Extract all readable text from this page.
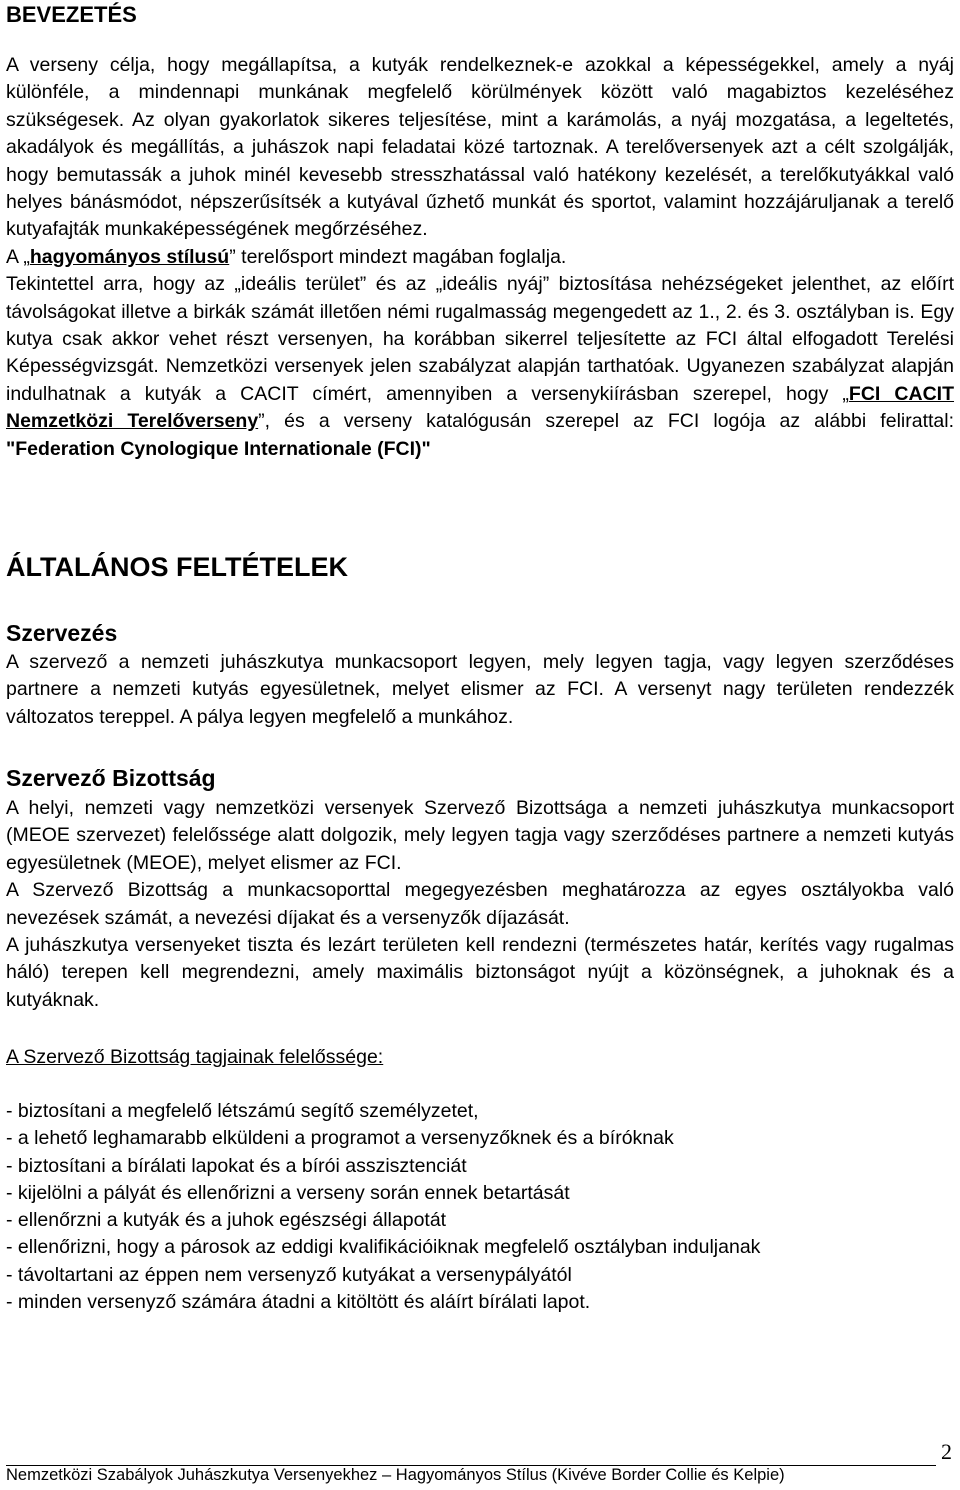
BEVEZETÉS

A verseny célja, hogy megállapítsa, a kutyák rendelkeznek-e azokkal a képességekkel, amely a nyáj különféle, a mindennapi munkának megfelelő körülmények között való magabiztos kezeléséhez szükségesek. Az olyan gyakorlatok sikeres teljesítése, mint a karámolás, a nyáj mozgatása, a legeltetés, akadályok és megállítás, a juhászok napi feladatai közé tartoznak. A terelőversenyek azt a célt szolgálják, hogy bemutassák a juhok minél kevesebb stresszhatással való hatékony kezelését, a terelőkutyákkal való helyes bánásmódot, népszerűsítsék a kutyával űzhető munkát és sportot, valamint hozzájáruljanak a terelő kutyafajták munkaképességének megőrzéséhez.

A „hagyományos stílusú” terelősport mindezt magában foglalja.

Tekintettel arra, hogy az „ideális terület” és az „ideális nyáj” biztosítása nehézségeket jelenthet, az előírt távolságokat illetve a birkák számát illetően némi rugalmasság megengedett az 1., 2. és 3. osztályban is. Egy kutya csak akkor vehet részt versenyen, ha korábban sikerrel teljesítette az FCI által elfogadott Terelési Képességvizsgát. Nemzetközi versenyek jelen szabályzat alapján tarthatóak. Ugyanezen szabályzat alapján indulhatnak a kutyák a CACIT címért, amennyiben a versenykiírásban szerepel, hogy „FCI CACIT Nemzetközi Terelőverseny”, és a verseny katalógusán szerepel az FCI logója az alábbi felirattal: "Federation Cynologique Internationale (FCI)"

ÁLTALÁNOS FELTÉTELEK
Szervezés

A szervező a nemzeti juhászkutya munkacsoport legyen, mely legyen tagja, vagy legyen szerződéses partnere a nemzeti kutyás egyesületnek, melyet elismer az FCI. A versenyt nagy területen rendezzék változatos tereppel. A pálya legyen megfelelő a munkához.

Szervező Bizottság

A helyi, nemzeti vagy nemzetközi versenyek Szervező Bizottsága a nemzeti juhászkutya munkacsoport (MEOE szervezet) felelőssége alatt dolgozik, mely legyen tagja vagy szerződéses partnere a nemzeti kutyás egyesületnek (MEOE), melyet elismer az FCI.

A Szervező Bizottság a munkacsoporttal megegyezésben meghatározza az egyes osztályokba való nevezések számát, a nevezési díjakat és a versenyzők díjazását.

A juhászkutya versenyeket tiszta és lezárt területen kell rendezni (természetes határ, kerítés vagy rugalmas háló) terepen kell megrendezni, amely maximális biztonságot nyújt a közönségnek, a juhoknak és a kutyáknak.

A Szervező Bizottság tagjainak felelőssége:
- biztosítani a megfelelő létszámú segítő személyzetet,
- a lehető leghamarabb elküldeni a programot a versenyzőknek és a bíróknak
- biztosítani a bírálati lapokat és a bírói asszisztenciát
- kijelölni a pályát és ellenőrizni a verseny során ennek betartását
- ellenőrzni a kutyák és a juhok egészségi állapotát
- ellenőrizni, hogy a párosok az eddigi kvalifikációiknak megfelelő osztályban induljanak
- távoltartani az éppen nem versenyző kutyákat a versenypályától
- minden versenyző számára átadni a kitöltött és aláírt bírálati lapot.
2
Nemzetközi Szabályok Juhászkutya Versenyekhez – Hagyományos Stílus (Kivéve Border Collie és Kelpie)
